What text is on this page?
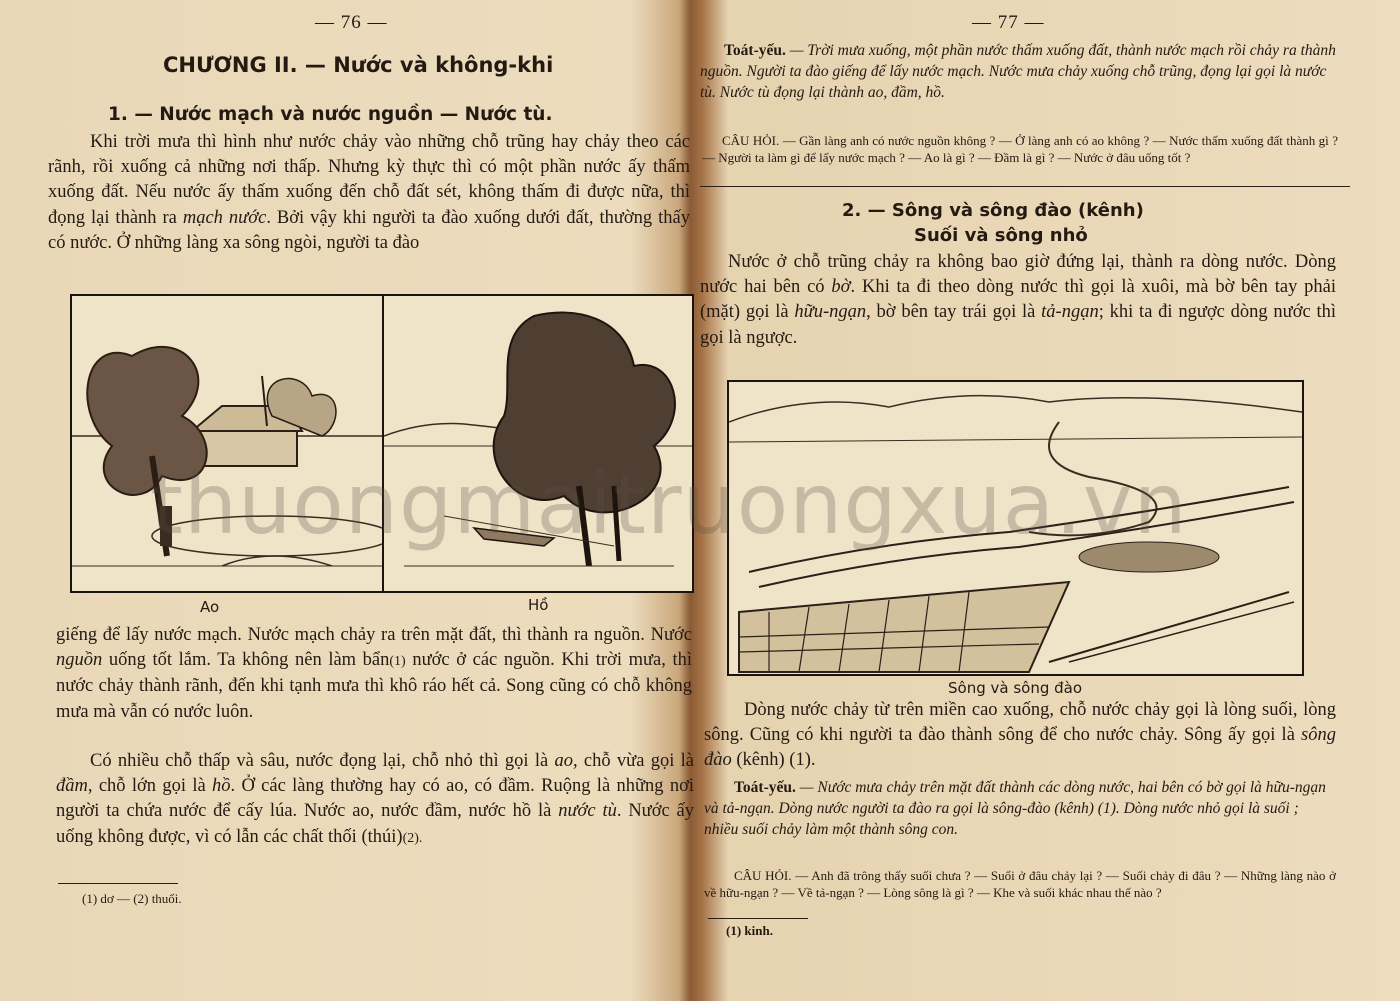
— 76 —
CHƯƠNG II. — Nước và không-khi
1. — Nước mạch và nước nguồn — Nước tù.
Khi trời mưa thì hình như nước chảy vào những chỗ trũng hay chảy theo các rãnh, rồi xuống cả những nơi thấp. Nhưng kỳ thực thì có một phần nước ấy thấm xuống đất. Nếu nước ấy thấm xuống đến chỗ đất sét, không thấm đi được nữa, thì đọng lại thành ra mạch nước. Bởi vậy khi người ta đào xuống dưới đất, thường thấy có nước. Ở những làng xa sông ngòi, người ta đào
Ao	Hồ
giếng để lấy nước mạch. Nước mạch chảy ra trên mặt đất, thì thành ra nguồn. Nước nguồn uống tốt lắm. Ta không nên làm bẩn(1) nước ở các nguồn. Khi trời mưa, thì nước chảy thành rãnh, đến khi tạnh mưa thì khô ráo hết cả. Song cũng có chỗ không mưa mà vẫn có nước luôn.
Có nhiều chỗ thấp và sâu, nước đọng lại, chỗ nhỏ thì gọi là ao, chỗ vừa gọi là đầm, chỗ lớn gọi là hồ. Ở các làng thường hay có ao, có đầm. Ruộng là những nơi người ta chứa nước để cấy lúa. Nước ao, nước đầm, nước hồ là nước tù. Nước ấy uống không được, vì có lẫn các chất thối (thúi)(2).
(1) dơ — (2) thuối.
— 77 —
Toát-yếu. — Trời mưa xuống, một phần nước thấm xuống đất, thành nước mạch rồi chảy ra thành nguồn. Người ta đào giếng để lấy nước mạch. Nước mưa chảy xuống chỗ trũng, đọng lại gọi là nước tù. Nước tù đọng lại thành ao, đầm, hồ.
CÂU HỎI. — Gần làng anh có nước nguồn không ? — Ở làng anh có ao không ? — Nước thấm xuống đất thành gì ? — Người ta làm gì để lấy nước mạch ? — Ao là gì ? — Đầm là gì ? — Nước ở đâu uống tốt ?
2. — Sông và sông đào (kênh)
Suối và sông nhỏ
Nước ở chỗ trũng chảy ra không bao giờ đứng lại, thành ra dòng nước. Dòng nước hai bên có bờ. Khi ta đi theo dòng nước thì gọi là xuôi, mà bờ bên tay phải (mặt) gọi là hữu-ngạn, bờ bên tay trái gọi là tả-ngạn; khi ta đi ngược dòng nước thì gọi là ngược.
Sông và sông đào
Dòng nước chảy từ trên miền cao xuống, chỗ nước chảy gọi là lòng suối, lòng sông. Cũng có khi người ta đào thành sông để cho nước chảy. Sông ấy gọi là sông đào (kênh) (1).
Toát-yếu. — Nước mưa chảy trên mặt đất thành các dòng nước, hai bên có bờ gọi là hữu-ngạn và tả-ngạn. Dòng nước người ta đào ra gọi là sông-đào (kênh) (1). Dòng nước nhỏ gọi là suối ; nhiều suối chảy làm một thành sông con.
CÂU HỎI. — Anh đã trông thấy suối chưa ? — Suối ở đâu chảy lại ? — Suối chảy đi đâu ? — Những làng nào ở về hữu-ngạn ? — Về tả-ngạn ? — Lòng sông là gì ? — Khe và suối khác nhau thế nào ?
(1) kinh.
thuongmaitruongxua.vn
